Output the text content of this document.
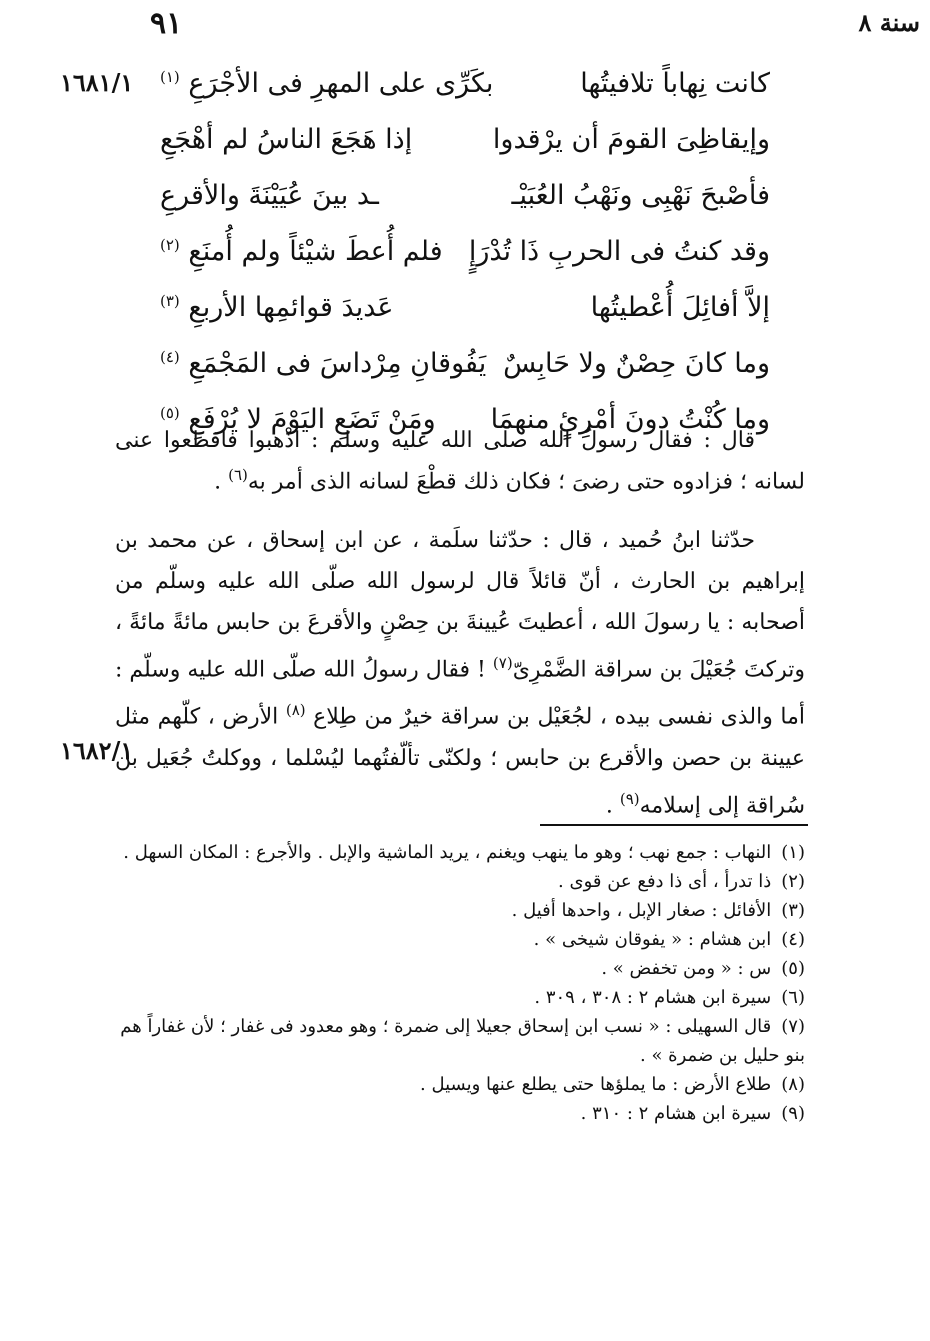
سنة ٨
٩١
١٦٨١/١
١٦٨٢/١
كانت نِهاباً تلافيتُها
بكَرِّى على المهرِ فى الأجْرَعِ $^{(١)}$
وإيقاظِىَ القومَ أن يرْقدوا
إذا هَجَعَ الناسُ لم أهْجَعِ
فأصْبحَ نَهْبِى ونَهْبُ العُبَيْـ
ـد بينَ عُيَيْنَةَ والأقرعِ
وقد كنتُ فى الحربِ ذَا تُدْرَإٍ
فلم أُعطَ شيْئاً ولم أُمنَعِ $^{(٢)}$
إلاَّ أفائِلَ أُعْطيتُها
عَديدَ قوائمِها الأربعِ $^{(٣)}$
وما كانَ حِصْنٌ ولا حَابِسٌ
يَفُوقانِ مِرْداسَ فى المَجْمَعِ $^{(٤)}$
وما كُنْتُ دونَ أمْرِئٍ منهمَا
ومَنْ تَضَعِ اليَوْمَ لا يُرْفَعِ $^{(٥)}$

قال : فقال رسولُ الله صلى الله عليه وسلم : اذْهبوا فاقطعوا عنى لسانه ؛ فزادوه حتى رضىَ ؛ فكان ذلك قطْعَ لسانه الذى أمر به$^{(٦)}$ .

حدّثنا ابنُ حُميد ، قال : حدّثنا سلَمة ، عن ابن إسحاق ، عن محمد بن إبراهيم بن الحارث ، أنّ قائلاً قال لرسول الله صلّى الله عليه وسلّم من أصحابه : يا رسولَ الله ، أعطيتَ عُيينةَ بن حِصْنٍ والأقرعَ بن حابس مائةً مائةً ، وتركتَ جُعَيْلَ بن سراقة الضَّمْرِىّ$^{(٧)}$ ! فقال رسولُ الله صلّى الله عليه وسلّم : أما والذى نفسى بيده ، لجُعَيْل بن سراقة خيرٌ من طِلاع $^{(٨)}$ الأرض ، كلّهم مثل عيينة بن حصن والأقرع بن حابس ؛ ولكنّى تألّفتُهما ليُسْلما ، ووكلتُ جُعَيل بن سُراقة إلى إسلامه$^{(٩)}$ .

(١)النهاب : جمع نهب ؛ وهو ما ينهب ويغنم ، يريد الماشية والإبل . والأجرع : المكان السهل .

(٢)ذا تدرأ ، أى ذا دفع عن قوى .

(٣)الأفائل : صغار الإبل ، واحدها أفيل .

(٤)ابن هشام : « يفوقان شيخى » .

(٥)س : « ومن تخفض » .

(٦)سيرة ابن هشام ٢ : ٣٠٨ ، ٣٠٩ .

(٧)قال السهيلى : « نسب ابن إسحاق جعيلا إلى ضمرة ؛ وهو معدود فى غفار ؛ لأن غفاراً هم بنو حليل بن ضمرة » .

(٨)طلاع الأرض : ما يملؤها حتى يطلع عنها ويسيل .

(٩)سيرة ابن هشام ٢ : ٣١٠ .
